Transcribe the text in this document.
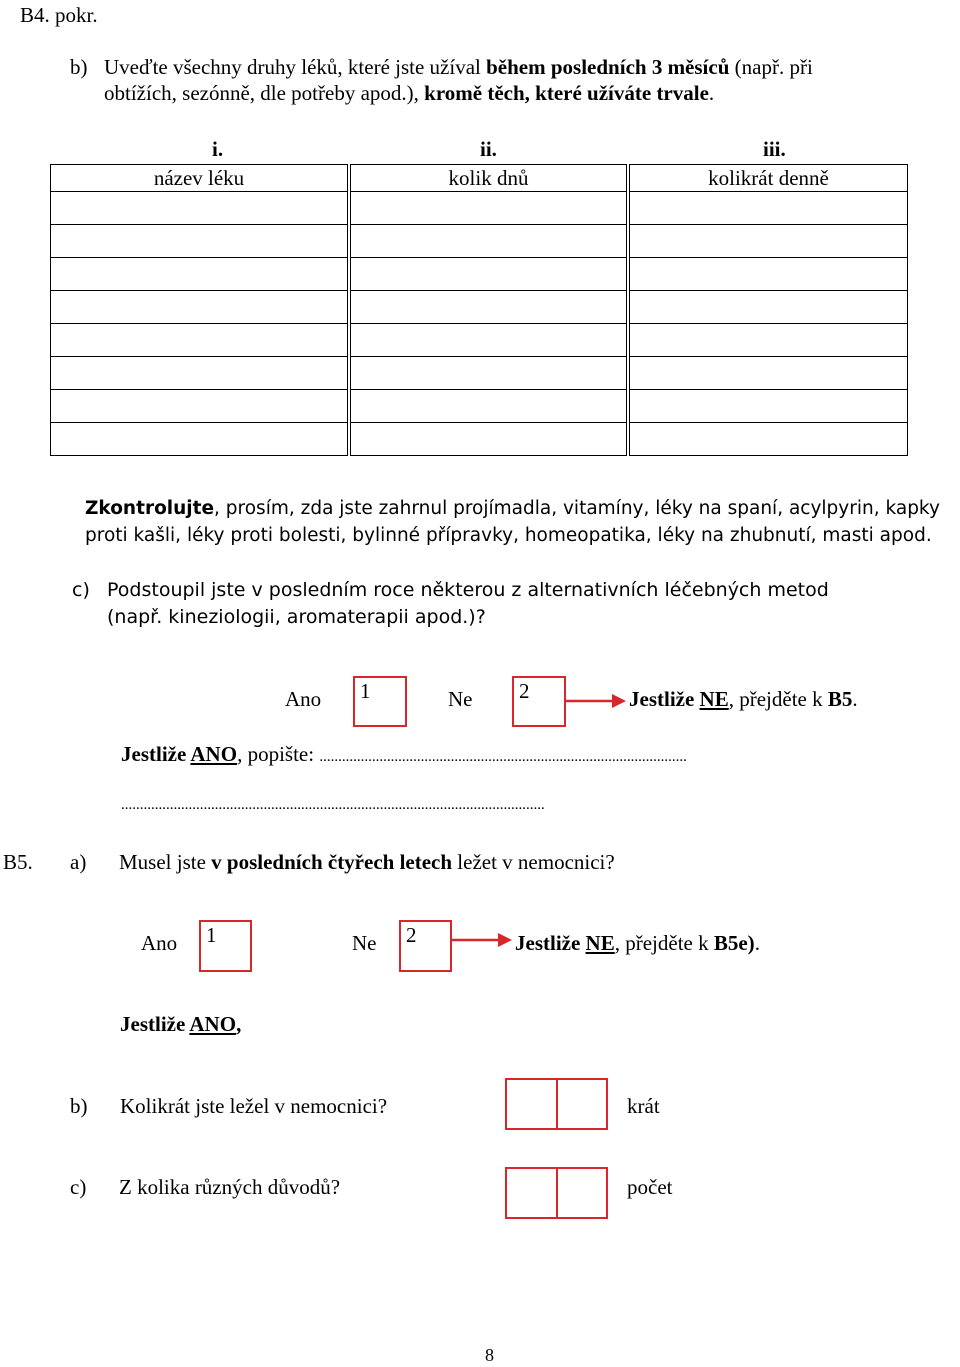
B4. pokr.
b) Uveďte všechny druhy léků, které jste užíval během posledních 3 měsíců (např. při
obtížích, sezónně, dle potřeby apod.), kromě těch, které užíváte trvale.
i.	ii.	iii.
název léku		kolik dnů		kolikrát denně

Zkontrolujte, prosím, zda jste zahrnul projímadla, vitamíny, léky na spaní, acylpyrin, kapky
proti kašli, léky proti bolesti, bylinné přípravky, homeopatika, léky na zhubnutí, masti apod.
c) Podstoupil jste v posledním roce některou z alternativních léčebných metod
(např. kineziologii, aromaterapii apod.)?
Ano 1	Ne 2	Jestliže NE, přejděte k B5.
Jestliže ANO, popište: ..................................................................................................
.................................................................................................................
B5. a) Musel jste v posledních čtyřech letech ležet v nemocnici?
Ano 1	Ne 2	Jestliže NE, přejděte k B5e).
Jestliže ANO,
b) Kolikrát jste ležel v nemocnici?	krát
c) Z kolika různých důvodů?	počet
8
